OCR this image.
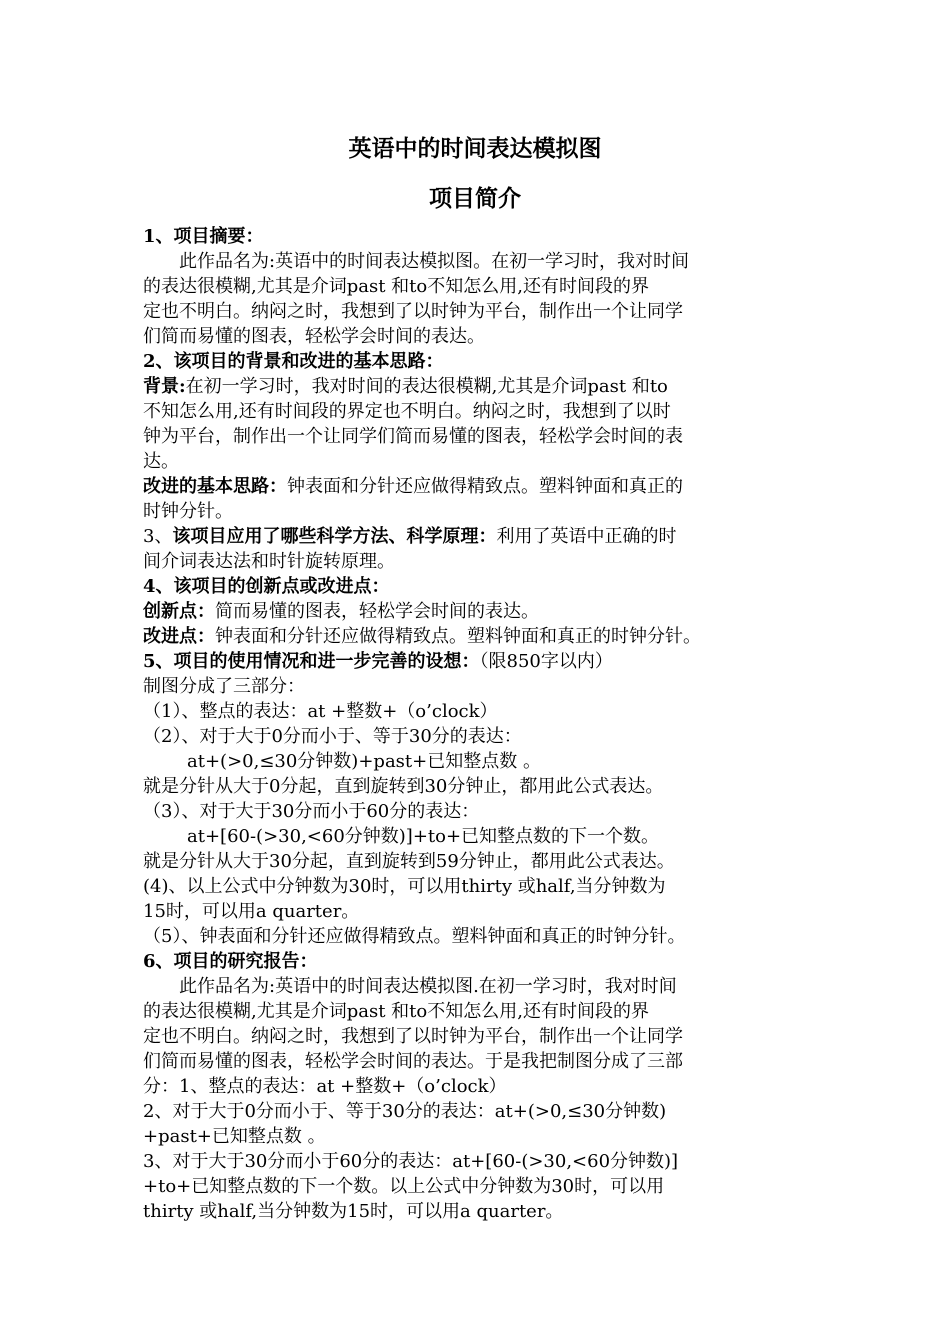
英语中的时间表达模拟图
项目简介

1、项目摘要：

此作品名为:英语中的时间表达模拟图。在初一学习时，我对时间
的表达很模糊,尤其是介词past 和to不知怎么用,还有时间段的界
定也不明白。纳闷之时，我想到了以时钟为平台，制作出一个让同学
们简而易懂的图表，轻松学会时间的表达。

2、该项目的背景和改进的基本思路：

背景:在初一学习时，我对时间的表达很模糊,尤其是介词past 和to
不知怎么用,还有时间段的界定也不明白。纳闷之时，我想到了以时
钟为平台，制作出一个让同学们简而易懂的图表，轻松学会时间的表
达。

改进的基本思路：钟表面和分针还应做得精致点。塑料钟面和真正的
时钟分针。

3、该项目应用了哪些科学方法、科学原理：利用了英语中正确的时
间介词表达法和时针旋转原理。

4、该项目的创新点或改进点：

创新点：简而易懂的图表，轻松学会时间的表达。

改进点：钟表面和分针还应做得精致点。塑料钟面和真正的时钟分针。

5、项目的使用情况和进一步完善的设想：（限850字以内）

制图分成了三部分：

（1）、整点的表达：at +整数+（o’clock）

（2）、对于大于0分而小于、等于30分的表达：

at+(>0,≤30分钟数)+past+已知整点数 。

就是分针从大于0分起，直到旋转到30分钟止，都用此公式表达。

（3）、对于大于30分而小于60分的表达：

at+[60-(>30,<60分钟数)]+to+已知整点数的下一个数。

就是分针从大于30分起，直到旋转到59分钟止，都用此公式表达。

(4)、以上公式中分钟数为30时，可以用thirty 或half,当分钟数为
15时，可以用a quarter。

（5）、钟表面和分针还应做得精致点。塑料钟面和真正的时钟分针。

6、项目的研究报告：

此作品名为:英语中的时间表达模拟图.在初一学习时，我对时间
的表达很模糊,尤其是介词past 和to不知怎么用,还有时间段的界
定也不明白。纳闷之时，我想到了以时钟为平台，制作出一个让同学
们简而易懂的图表，轻松学会时间的表达。于是我把制图分成了三部
分：1、整点的表达：at +整数+（o’clock）

2、对于大于0分而小于、等于30分的表达：at+(>0,≤30分钟数)
+past+已知整点数 。

3、对于大于30分而小于60分的表达：at+[60-(>30,<60分钟数)]
+to+已知整点数的下一个数。以上公式中分钟数为30时，可以用
thirty 或half,当分钟数为15时，可以用a quarter。
